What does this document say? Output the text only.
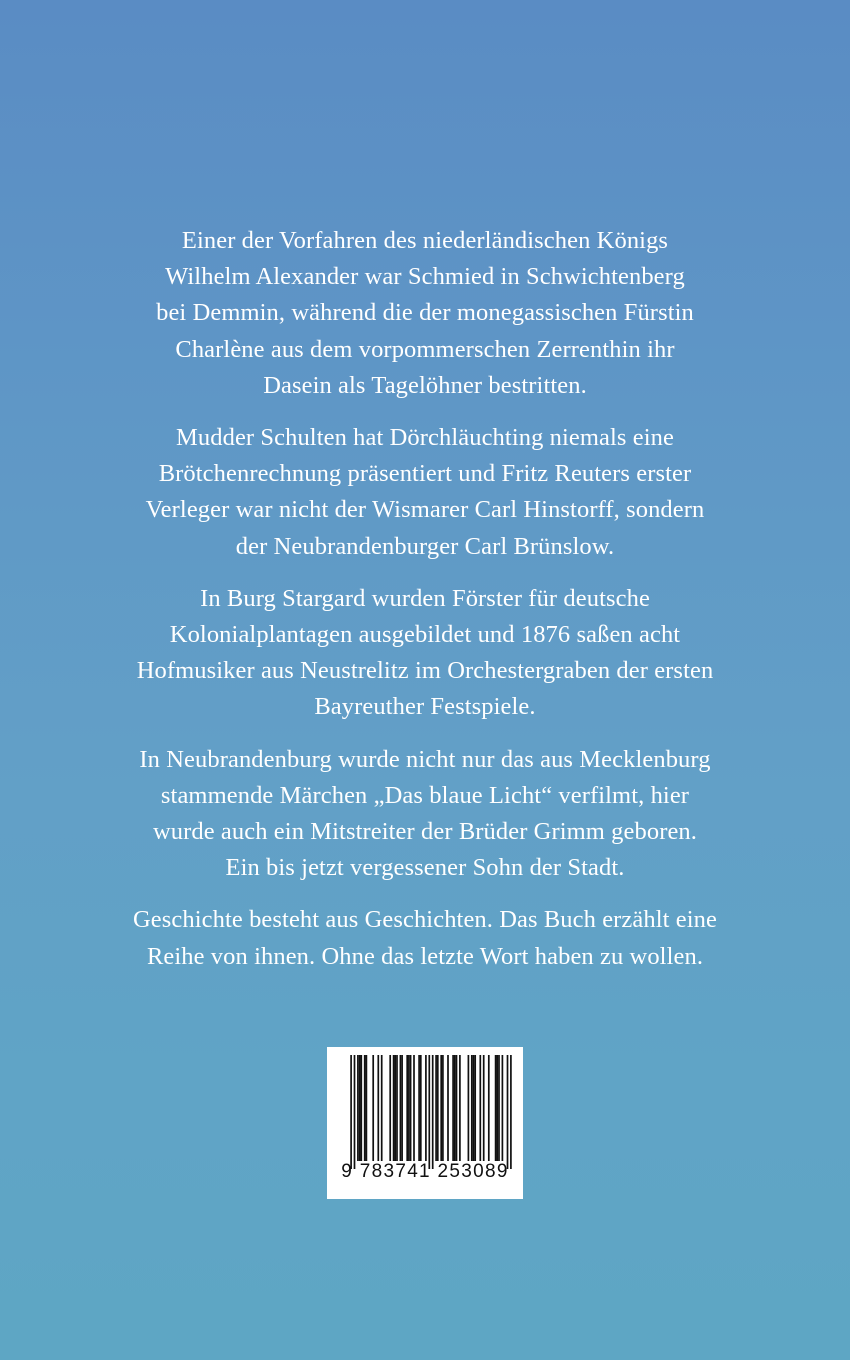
Einer der Vorfahren des niederländischen Königs
Wilhelm Alexander war Schmied in Schwichtenberg
bei Demmin, während die der monegassischen Fürstin
Charlène aus dem vorpommerschen Zerrenthin ihr
Dasein als Tagelöhner bestritten.

Mudder Schulten hat Dörchläuchting niemals eine
Brötchenrechnung präsentiert und Fritz Reuters erster
Verleger war nicht der Wismarer Carl Hinstorff, sondern
der Neubrandenburger Carl Brünslow.

In Burg Stargard wurden Förster für deutsche
Kolonialplantagen ausgebildet und 1876 saßen acht
Hofmusiker aus Neustrelitz im Orchestergraben der ersten
Bayreuther Festspiele.

In Neubrandenburg wurde nicht nur das aus Mecklenburg
stammende Märchen „Das blaue Licht“ verfilmt, hier
wurde auch ein Mitstreiter der Brüder Grimm geboren.
Ein bis jetzt vergessener Sohn der Stadt.

Geschichte besteht aus Geschichten. Das Buch erzählt eine
Reihe von ihnen. Ohne das letzte Wort haben zu wollen.

9 783741 253089
